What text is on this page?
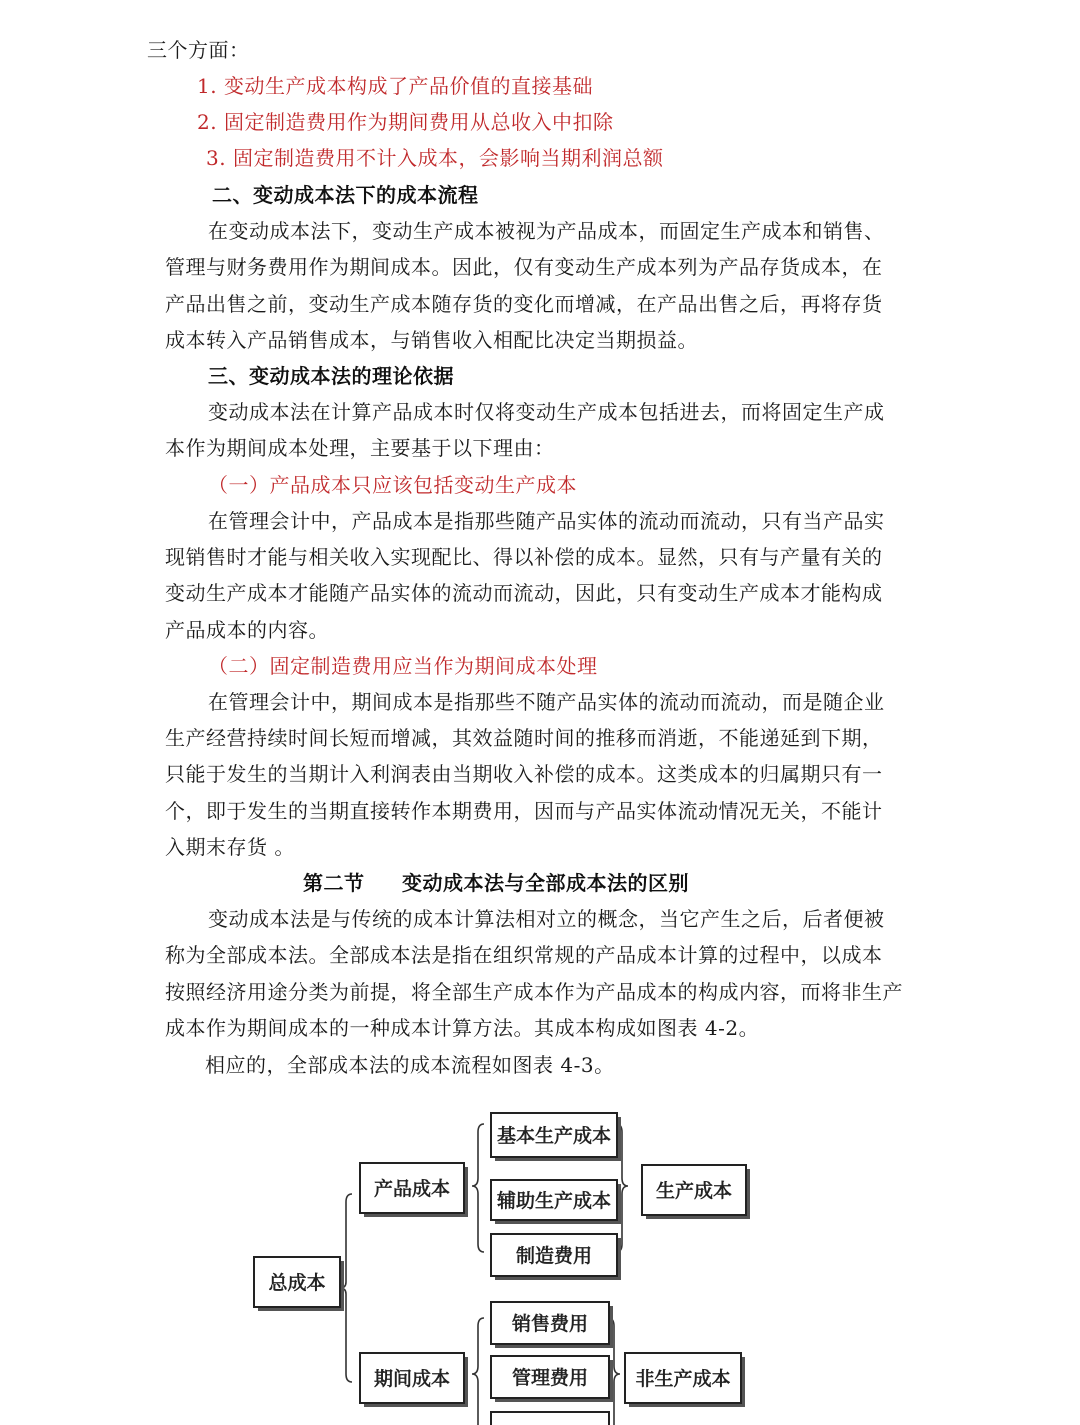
三个方面：
1. 变动生产成本构成了产品价值的直接基础
2. 固定制造费用作为期间费用从总收入中扣除
3. 固定制造费用不计入成本，会影响当期利润总额
二、变动成本法下的成本流程
在变动成本法下，变动生产成本被视为产品成本，而固定生产成本和销售、
管理与财务费用作为期间成本。因此，仅有变动生产成本列为产品存货成本，在
产品出售之前，变动生产成本随存货的变化而增减，在产品出售之后，再将存货
成本转入产品销售成本，与销售收入相配比决定当期损益。
三、变动成本法的理论依据
变动成本法在计算产品成本时仅将变动生产成本包括进去，而将固定生产成
本作为期间成本处理，主要基于以下理由：
（一）产品成本只应该包括变动生产成本
在管理会计中，产品成本是指那些随产品实体的流动而流动，只有当产品实
现销售时才能与相关收入实现配比、得以补偿的成本。显然，只有与产量有关的
变动生产成本才能随产品实体的流动而流动，因此，只有变动生产成本才能构成
产品成本的内容。
（二）固定制造费用应当作为期间成本处理
在管理会计中，期间成本是指那些不随产品实体的流动而流动，而是随企业
生产经营持续时间长短而增减，其效益随时间的推移而消逝，不能递延到下期，
只能于发生的当期计入利润表由当期收入补偿的成本。这类成本的归属期只有一
个，即于发生的当期直接转作本期费用，因而与产品实体流动情况无关，不能计
入期末存货 。
第二节 变动成本法与全部成本法的区别
变动成本法是与传统的成本计算法相对立的概念，当它产生之后，后者便被
称为全部成本法。全部成本法是指在组织常规的产品成本计算的过程中，以成本
按照经济用途分类为前提，将全部生产成本作为产品成本的构成内容，而将非生产
成本作为期间成本的一种成本计算方法。其成本构成如图表 4-2。
相应的，全部成本法的成本流程如图表 4-3。
总成本
产品成本
基本生产成本
辅助生产成本
制造费用
生产成本
期间成本
销售费用
管理费用 非生产成本
